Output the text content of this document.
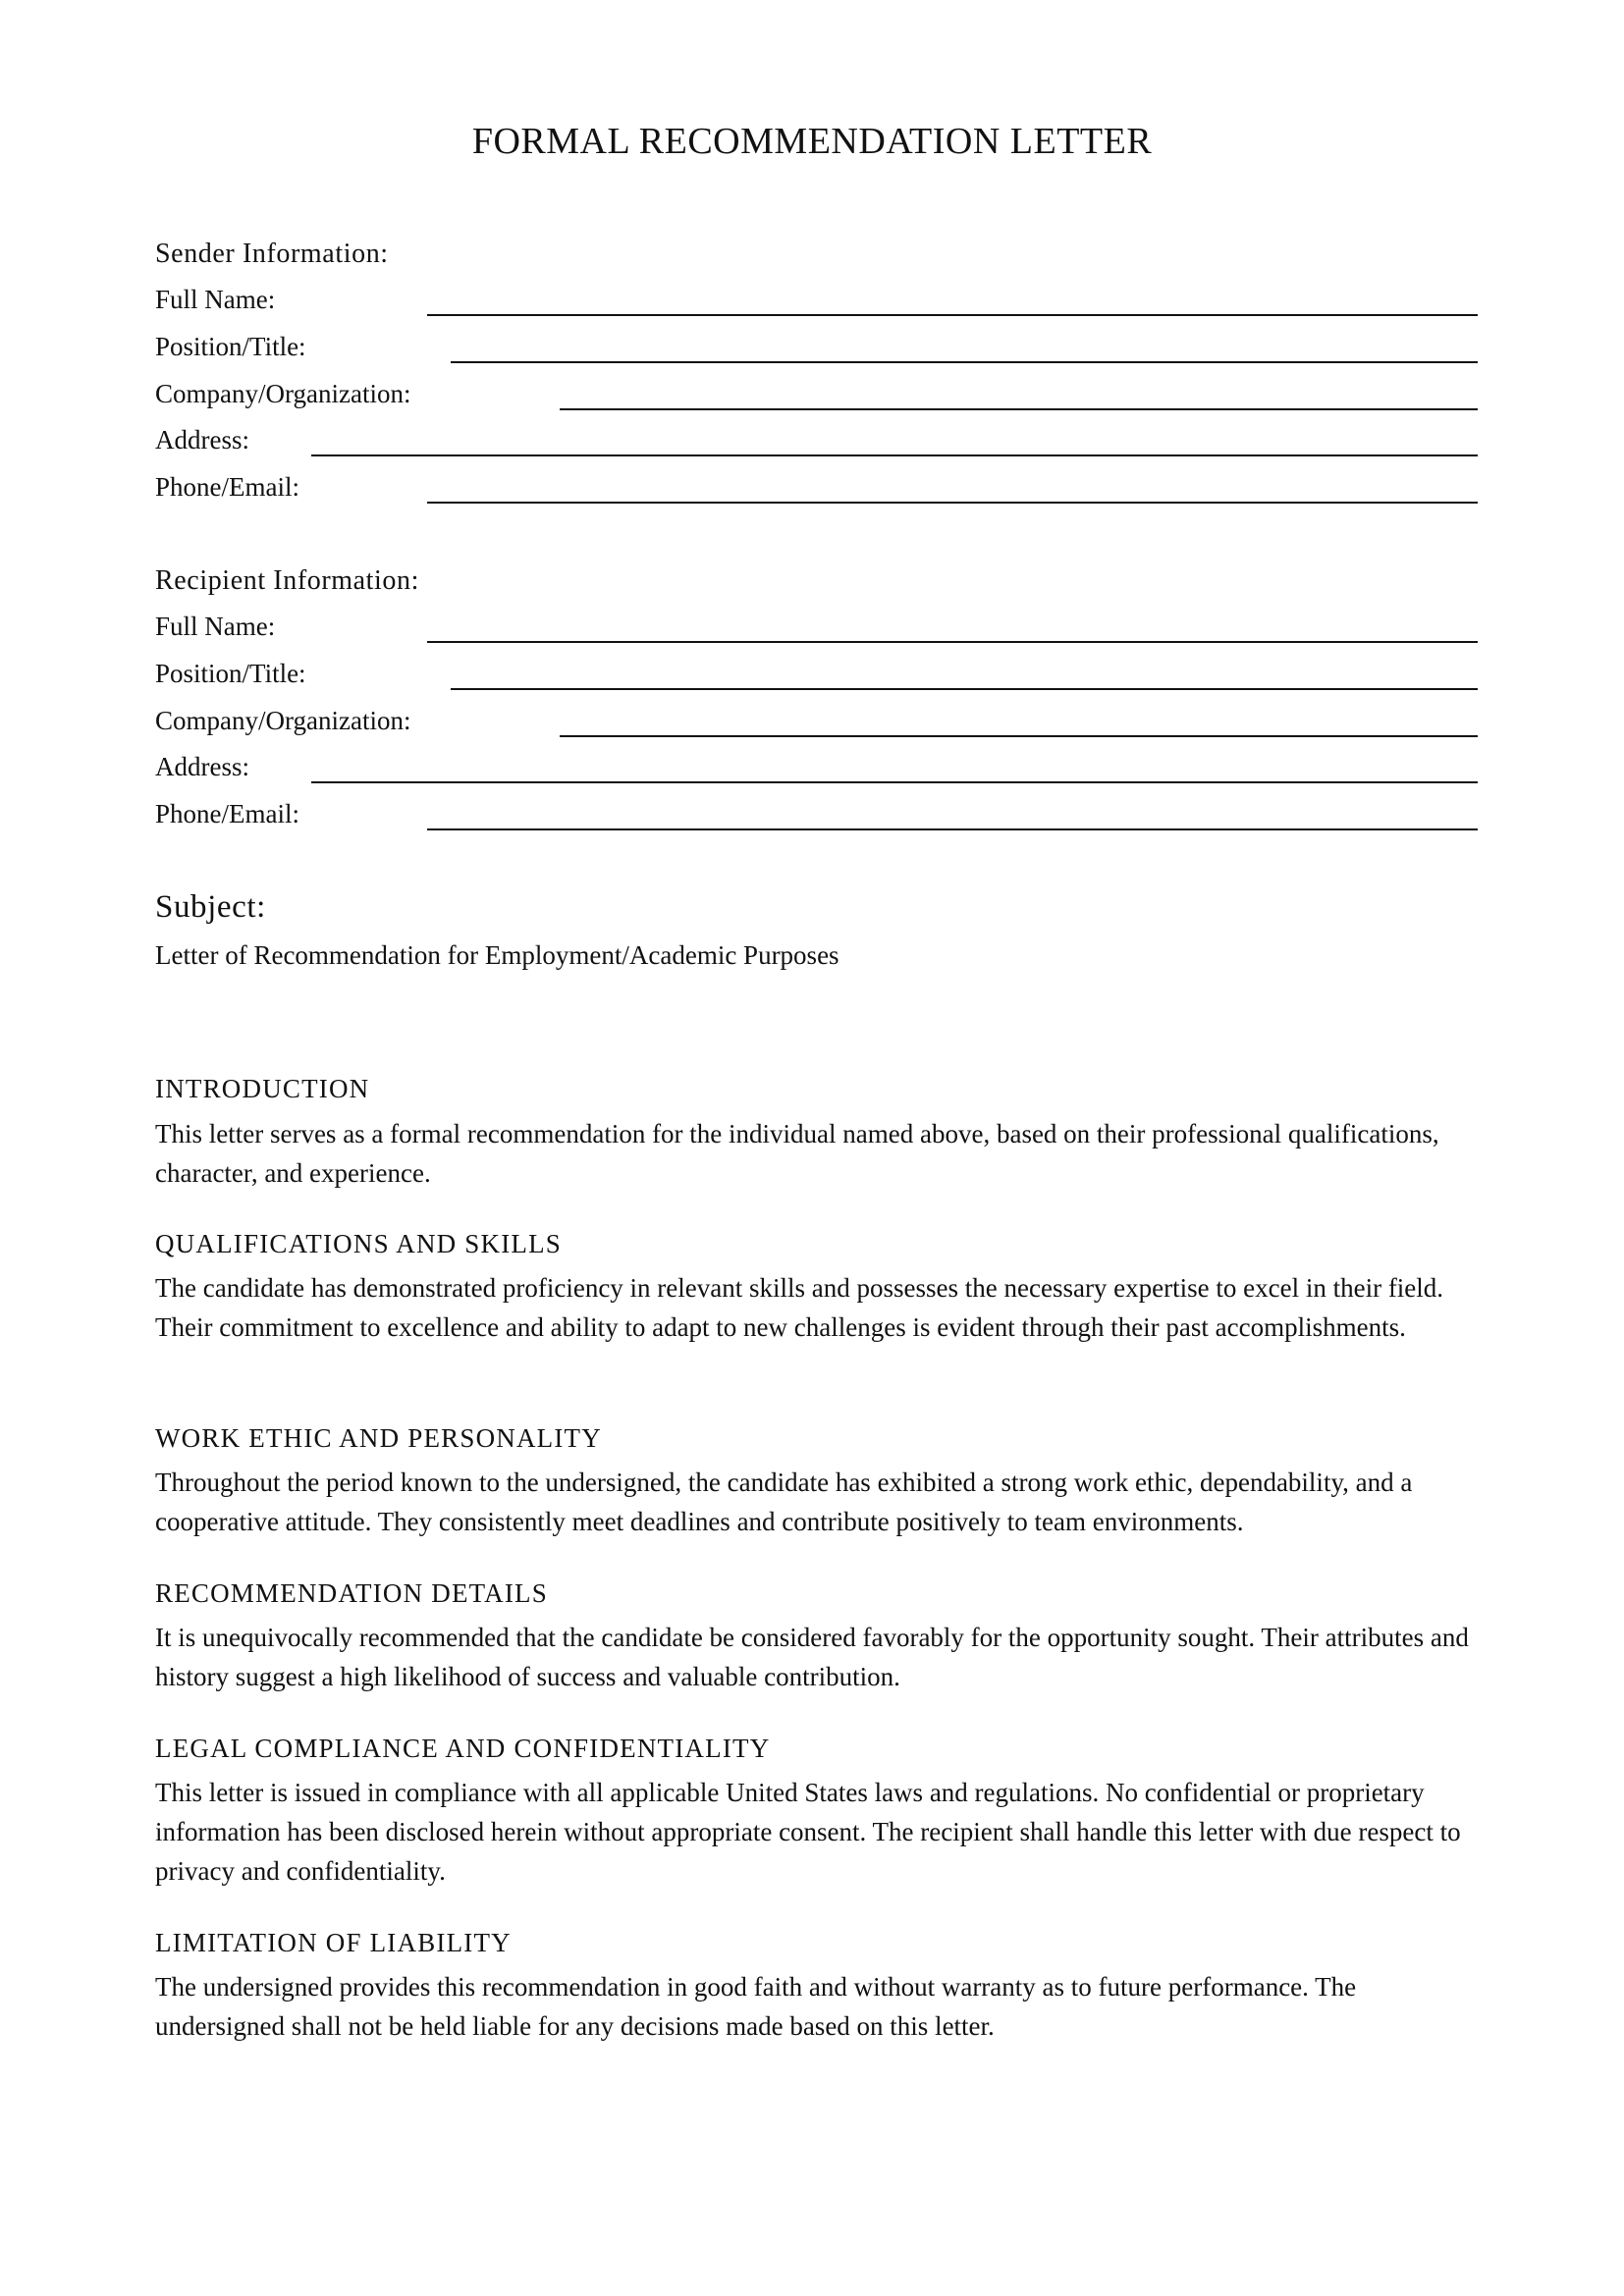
FORMAL RECOMMENDATION LETTER
Sender Information:
Full Name:
Position/Title:
Company/Organization:
Address:
Phone/Email:
Recipient Information:
Full Name:
Position/Title:
Company/Organization:
Address:
Phone/Email:
Subject:
Letter of Recommendation for Employment/Academic Purposes
INTRODUCTION
This letter serves as a formal recommendation for the individual named above, based on their professional qualifications, character, and experience.
QUALIFICATIONS AND SKILLS
The candidate has demonstrated proficiency in relevant skills and possesses the necessary expertise to excel in their field. Their commitment to excellence and ability to adapt to new challenges is evident through their past accomplishments.
WORK ETHIC AND PERSONALITY
Throughout the period known to the undersigned, the candidate has exhibited a strong work ethic, dependability, and a cooperative attitude. They consistently meet deadlines and contribute positively to team environments.
RECOMMENDATION DETAILS
It is unequivocally recommended that the candidate be considered favorably for the opportunity sought. Their attributes and history suggest a high likelihood of success and valuable contribution.
LEGAL COMPLIANCE AND CONFIDENTIALITY
This letter is issued in compliance with all applicable United States laws and regulations. No confidential or proprietary information has been disclosed herein without appropriate consent. The recipient shall handle this letter with due respect to privacy and confidentiality.
LIMITATION OF LIABILITY
The undersigned provides this recommendation in good faith and without warranty as to future performance. The undersigned shall not be held liable for any decisions made based on this letter.
